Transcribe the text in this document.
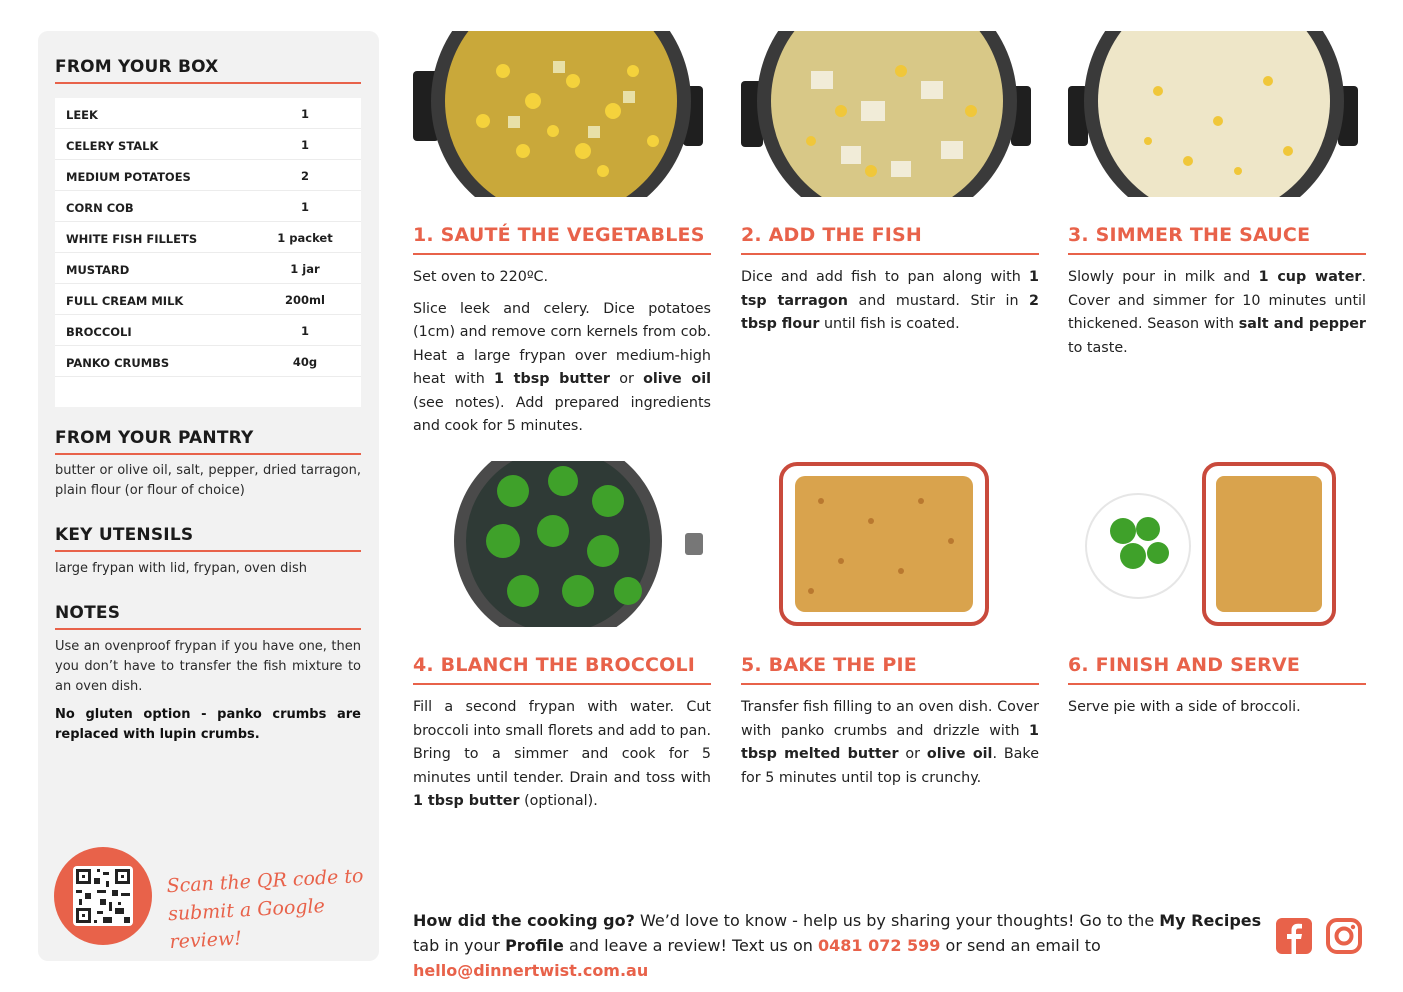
FROM YOUR BOX
LEEK	1
CELERY STALK	1
MEDIUM POTATOES	2
CORN COB	1
WHITE FISH FILLETS	1 packet
MUSTARD	1 jar
FULL CREAM MILK	200ml
BROCCOLI	1
PANKO CRUMBS	40g
FROM YOUR PANTRY
butter or olive oil, salt, pepper, dried tarragon, plain flour (or flour of choice)
KEY UTENSILS
large frypan with lid, frypan, oven dish
NOTES
Use an ovenproof frypan if you have one, then you don’t have to transfer the fish mixture to an oven dish.
No gluten option - panko crumbs are replaced with lupin crumbs.
Scan the QR code to
submit a Google review!
1. SAUTÉ THE VEGETABLES

Set oven to 220ºC.

Slice leek and celery. Dice potatoes (1cm) and remove corn kernels from cob. Heat a large frypan over medium-high heat with 1 tbsp butter or olive oil (see notes). Add prepared ingredients and cook for 5 minutes.

2. ADD THE FISH

Dice and add fish to pan along with 1 tsp tarragon and mustard. Stir in 2 tbsp flour until fish is coated.

3. SIMMER THE SAUCE

Slowly pour in milk and 1 cup water. Cover and simmer for 10 minutes until thickened. Season with salt and pepper to taste.

4. BLANCH THE BROCCOLI

Fill a second frypan with water. Cut broccoli into small florets and add to pan. Bring to a simmer and cook for 5 minutes until tender. Drain and toss with 1 tbsp butter (optional).

5. BAKE THE PIE

Transfer fish filling to an oven dish. Cover with panko crumbs and drizzle with 1 tbsp melted butter or olive oil. Bake for 5 minutes until top is crunchy.

6. FINISH AND SERVE

Serve pie with a side of broccoli.

How did the cooking go? We’d love to know - help us by sharing your thoughts! Go to the My Recipes tab in your Profile and leave a review! Text us on 0481 072 599 or send an email to hello@dinnertwist.com.au
